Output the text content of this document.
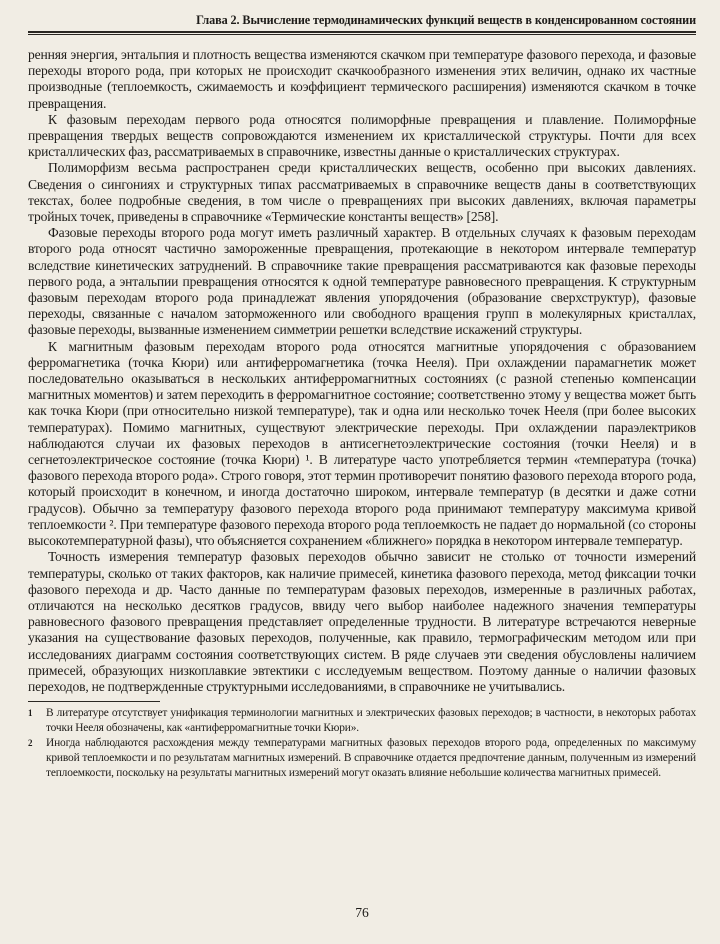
Глава 2. Вычисление термодинамических функций веществ в конденсированном состоянии

ренняя энергия, энтальпия и плотность вещества изменяются скачком при температуре фазового перехода, и фазовые переходы второго рода, при которых не происходит скачкообразного изменения этих величин, однако их частные производные (теплоемкость, сжимаемость и коэффициент термического расширения) изменяются скачком в точке превращения.

К фазовым переходам первого рода относятся полиморфные превращения и плавление. Полиморфные превращения твердых веществ сопровождаются изменением их кристаллической структуры. Почти для всех кристаллических фаз, рассматриваемых в справочнике, известны данные о кристаллических структурах.

Полиморфизм весьма распространен среди кристаллических веществ, особенно при высоких давлениях. Сведения о сингониях и структурных типах рассматриваемых в справочнике веществ даны в соответствующих текстах, более подробные сведения, в том числе о превращениях при высоких давлениях, включая параметры тройных точек, приведены в справочнике «Термические константы веществ» [258].

Фазовые переходы второго рода могут иметь различный характер. В отдельных случаях к фазовым переходам второго рода относят частично замороженные превращения, протекающие в некотором интервале температур вследствие кинетических затруднений. В справочнике такие превращения рассматриваются как фазовые переходы первого рода, а энтальпии превращения относятся к одной температуре равновесного превращения. К структурным фазовым переходам второго рода принадлежат явления упорядочения (образование сверхструктур), фазовые переходы, связанные с началом заторможенного или свободного вращения групп в молекулярных кристаллах, фазовые переходы, вызванные изменением симметрии решетки вследствие искажений структуры.

К магнитным фазовым переходам второго рода относятся магнитные упорядочения с образованием ферромагнетика (точка Кюри) или антиферромагнетика (точка Нееля). При охлаждении парамагнетик может последовательно оказываться в нескольких антиферромагнитных состояниях (с разной степенью компенсации магнитных моментов) и затем переходить в ферромагнитное состояние; соответственно этому у вещества может быть как точка Кюри (при относительно низкой температуре), так и одна или несколько точек Нееля (при более высоких температурах). Помимо магнитных, существуют электрические переходы. При охлаждении параэлектриков наблюдаются случаи их фазовых переходов в антисегнетоэлектрические состояния (точки Нееля) и в сегнетоэлектрическое состояние (точка Кюри) ¹. В литературе часто употребляется термин «температура (точка) фазового перехода второго рода». Строго говоря, этот термин противоречит понятию фазового перехода второго рода, который происходит в конечном, и иногда достаточно широком, интервале температур (в десятки и даже сотни градусов). Обычно за температуру фазового перехода второго рода принимают температуру максимума кривой теплоемкости ². При температуре фазового перехода второго рода теплоемкость не падает до нормальной (со стороны высокотемпературной фазы), что объясняется сохранением «ближнего» порядка в некотором интервале температур.

Точность измерения температур фазовых переходов обычно зависит не столько от точности измерений температуры, сколько от таких факторов, как наличие примесей, кинетика фазового перехода, метод фиксации точки фазового перехода и др. Часто данные по температурам фазовых переходов, измеренные в различных работах, отличаются на несколько десятков градусов, ввиду чего выбор наиболее надежного значения температуры равновесного фазового превращения представляет определенные трудности. В литературе встречаются неверные указания на существование фазовых переходов, полученные, как правило, термографическим методом или при исследованиях диаграмм состояния соответствующих систем. В ряде случаев эти сведения обусловлены наличием примесей, образующих низкоплавкие эвтектики с исследуемым веществом. Поэтому данные о наличии фазовых переходов, не подтвержденные структурными исследованиями, в справочнике не учитывались.

1	В литературе отсутствует унификация терминологии магнитных и электрических фазовых переходов; в частности, в некоторых работах точки Нееля обозначены, как «антиферромагнитные точки Кюри».
2	Иногда наблюдаются расхождения между температурами магнитных фазовых переходов второго рода, определенных по максимуму кривой теплоемкости и по результатам магнитных измерений. В справочнике отдается предпочтение данным, полученным из измерений теплоемкости, поскольку на результаты магнитных измерений могут оказать влияние небольшие количества магнитных примесей.
76
